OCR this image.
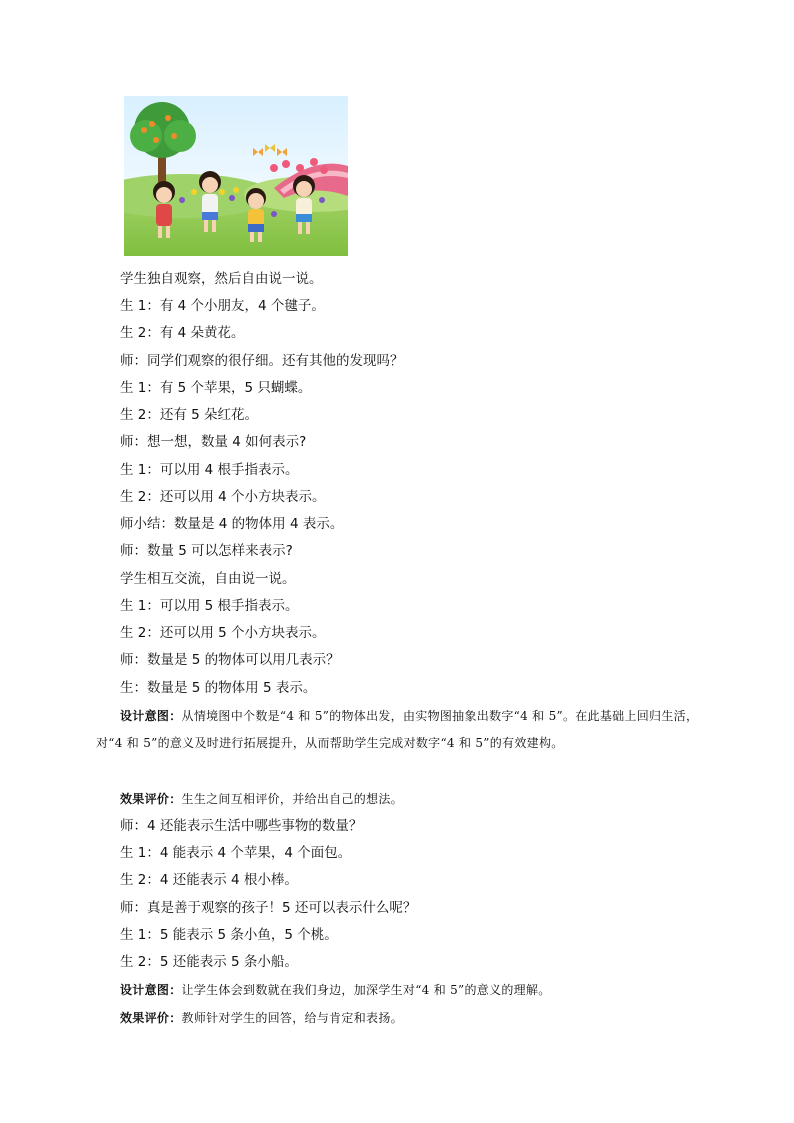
学生独自观察，然后自由说一说。
生 1：有 4 个小朋友，4 个毽子。
生 2：有 4 朵黄花。
师：同学们观察的很仔细。还有其他的发现吗？
生 1：有 5 个苹果，5 只蝴蝶。
生 2：还有 5 朵红花。
师：想一想，数量 4 如何表示?
生 1：可以用 4 根手指表示。
生 2：还可以用 4 个小方块表示。
师小结：数量是 4 的物体用 4 表示。
师：数量 5 可以怎样来表示?
学生相互交流，自由说一说。
生 1：可以用 5 根手指表示。
生 2：还可以用 5 个小方块表示。
师：数量是 5 的物体可以用几表示？
生：数量是 5 的物体用 5 表示。
设计意图：从情境图中个数是“4 和 5”的物体出发，由实物图抽象出数字“4 和 5”。在此基础上回归生活，对“4 和 5”的意义及时进行拓展提升，从而帮助学生完成对数字“4 和 5”的有效建构。
效果评价：生生之间互相评价，并给出自己的想法。
师：4 还能表示生活中哪些事物的数量？
生 1：4 能表示 4 个苹果，4 个面包。
生 2：4 还能表示 4 根小棒。
师：真是善于观察的孩子！5 还可以表示什么呢？
生 1：5 能表示 5 条小鱼，5 个桃。
生 2：5 还能表示 5 条小船。
设计意图：让学生体会到数就在我们身边，加深学生对“4 和 5”的意义的理解。
效果评价：教师针对学生的回答，给与肯定和表扬。
